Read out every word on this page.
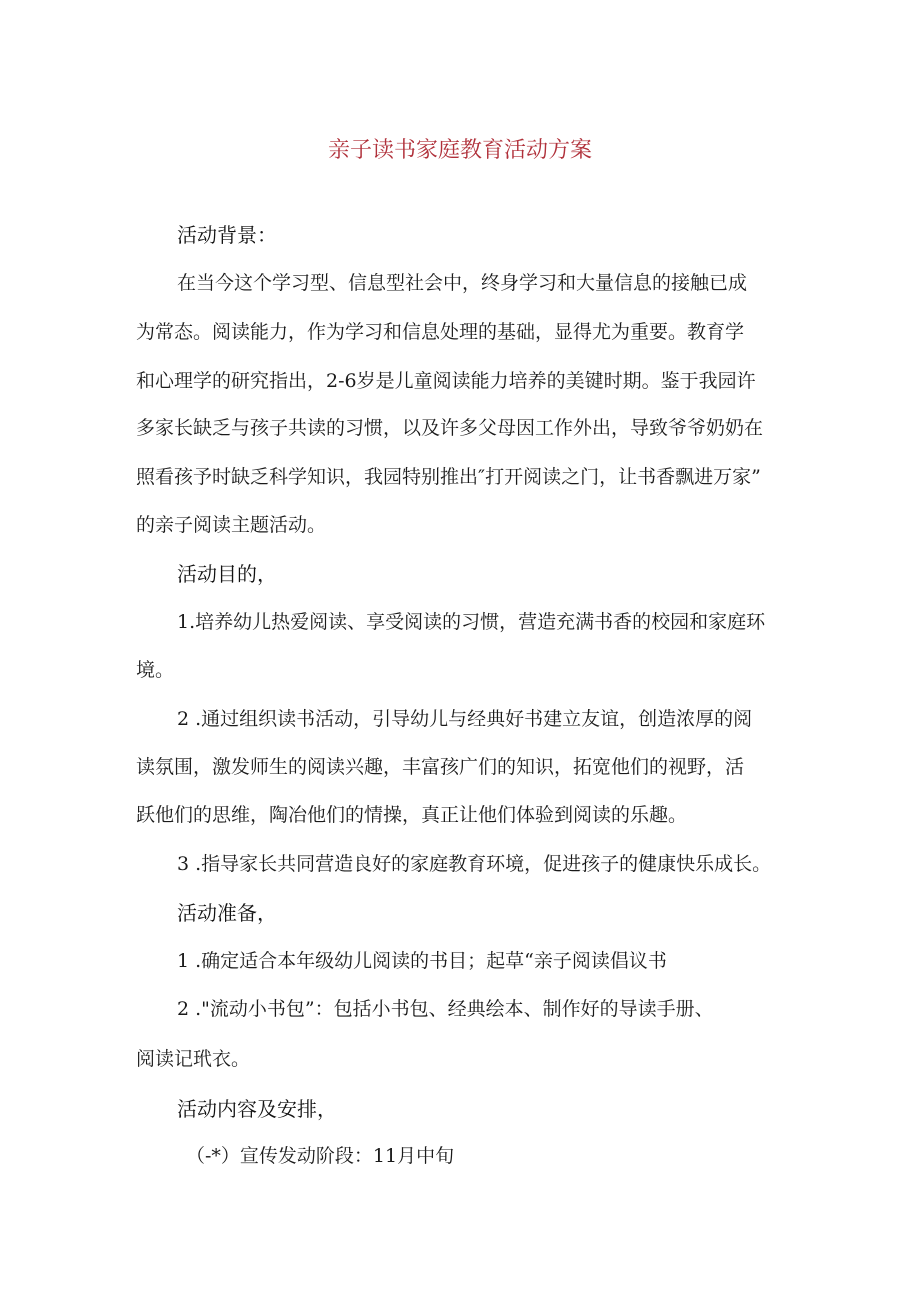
亲子读书家庭教育活动方案
活动背景：
在当今这个学习型、信息型社会中，终身学习和大量信息的接触已成
为常态。阅读能力，作为学习和信息处理的基础，显得尤为重要。教育学
和心理学的研究指出，2-6岁是儿童阅读能力培养的美键时期。鉴于我园许
多家长缺乏与孩子共读的习惯，以及许多父母因工作外出，导致爷爷奶奶在
照看孩予时缺乏科学知识，我园特别推出″打开阅读之门，让书香飘进万家”
的亲子阅读主题活动。
活动目的，
1.培养幼儿热爱阅读、享受阅读的习惯，营造充满书香的校园和家庭环
境。
2 .通过组织读书活动，引导幼儿与经典好书建立友谊，创造浓厚的阅
读氛围，激发师生的阅读兴趣，丰富孩广们的知识，拓宽他们的视野，活
跃他们的思维，陶冶他们的情操，真正让他们体验到阅读的乐趣。
3 .指导家长共同营造良好的家庭教育环境，促进孩子的健康快乐成长。
活动准备，
1 .确定适合本年级幼儿阅读的书目；起草“亲子阅读倡议书
2 ."流动小书包”：包括小书包、经典绘本、制作好的导读手册、
阅读记玳衣。
活动内容及安排，
（-*）宣传发动阶段：11月中旬
